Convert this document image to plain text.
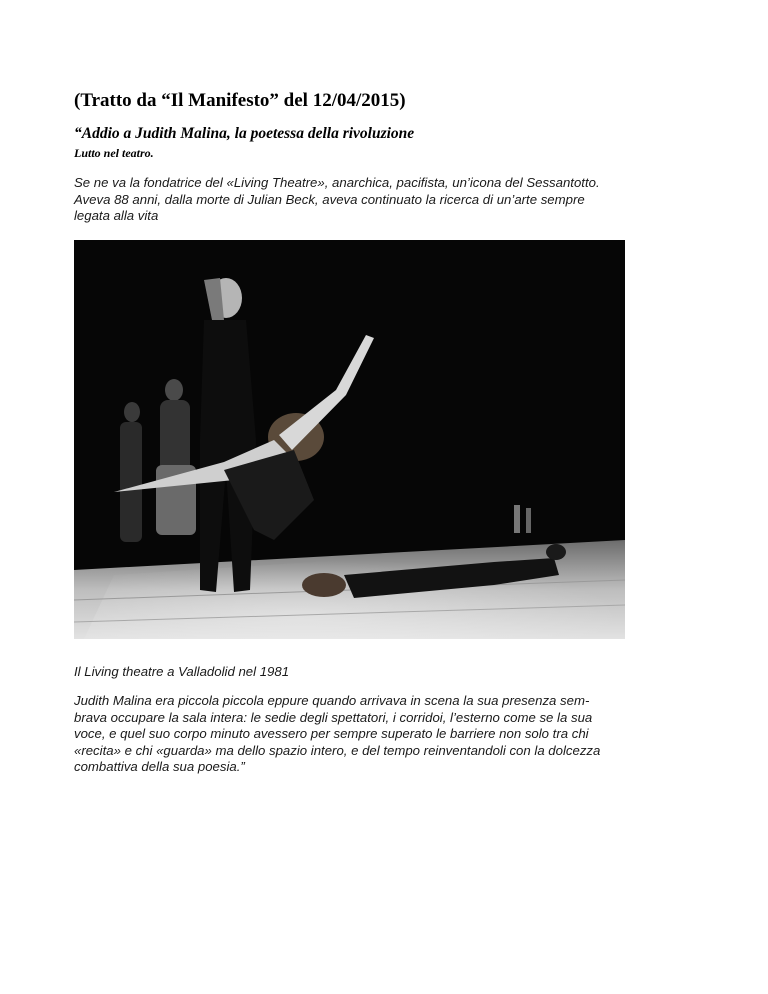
(Tratto da “Il Manifesto” del 12/04/2015)
“Addio a Judith Malina, la poetessa della rivoluzione
Lutto nel teatro.
Se ne va la fondatrice del «Living Theatre», anarchica, pacifista, un’icona del Sessantotto.
Aveva 88 anni, dalla morte di Julian Beck, aveva continuato la ricerca di un’arte sempre
legata alla vita
Il Living theatre a Valladolid nel 1981
Judith Malina era piccola piccola eppure quando arrivava in scena la sua presenza sem-
brava occupare la sala intera: le sedie degli spettatori, i corridoi, l’esterno come se la sua
voce, e quel suo corpo minuto avessero per sempre superato le barriere non solo tra chi
«recita» e chi «guarda» ma dello spazio intero, e del tempo reinventandoli con la dolcezza
combattiva della sua poesia.”
